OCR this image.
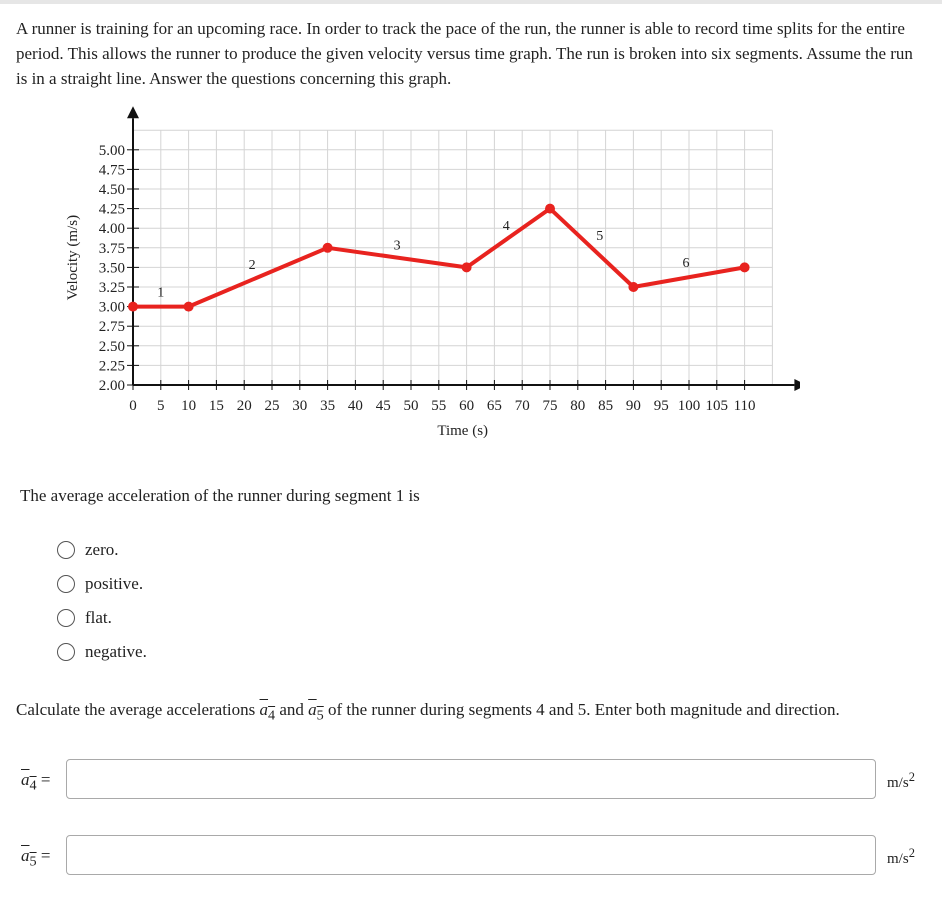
A runner is training for an upcoming race. In order to track the pace of the run, the runner is able to record time splits for the entire period. This allows the runner to produce the given velocity versus time graph. The run is broken into six segments. Assume the run is in a straight line. Answer the questions concerning this graph.
0 5 10 15 20 25 30 35 40 45 50 55 60 65 70 75 80 85 90 95 100 105 110
2.00
2.25
2.50
2.75
3.00
3.25
3.50
3.75
4.00
4.25
4.50
4.75
5.00
Time (s)
Velocity (m/s)	1
2
3
4
5
6
The average acceleration of the runner during segment 1 is
zero.
positive.
flat.
negative.
Calculate the average accelerations $a_4$ and $a_5$ of the runner during segments 4 and 5. Enter both magnitude and direction.
$a_4$ =	$m/s^2$
$a_5$ =	$m/s^2$
